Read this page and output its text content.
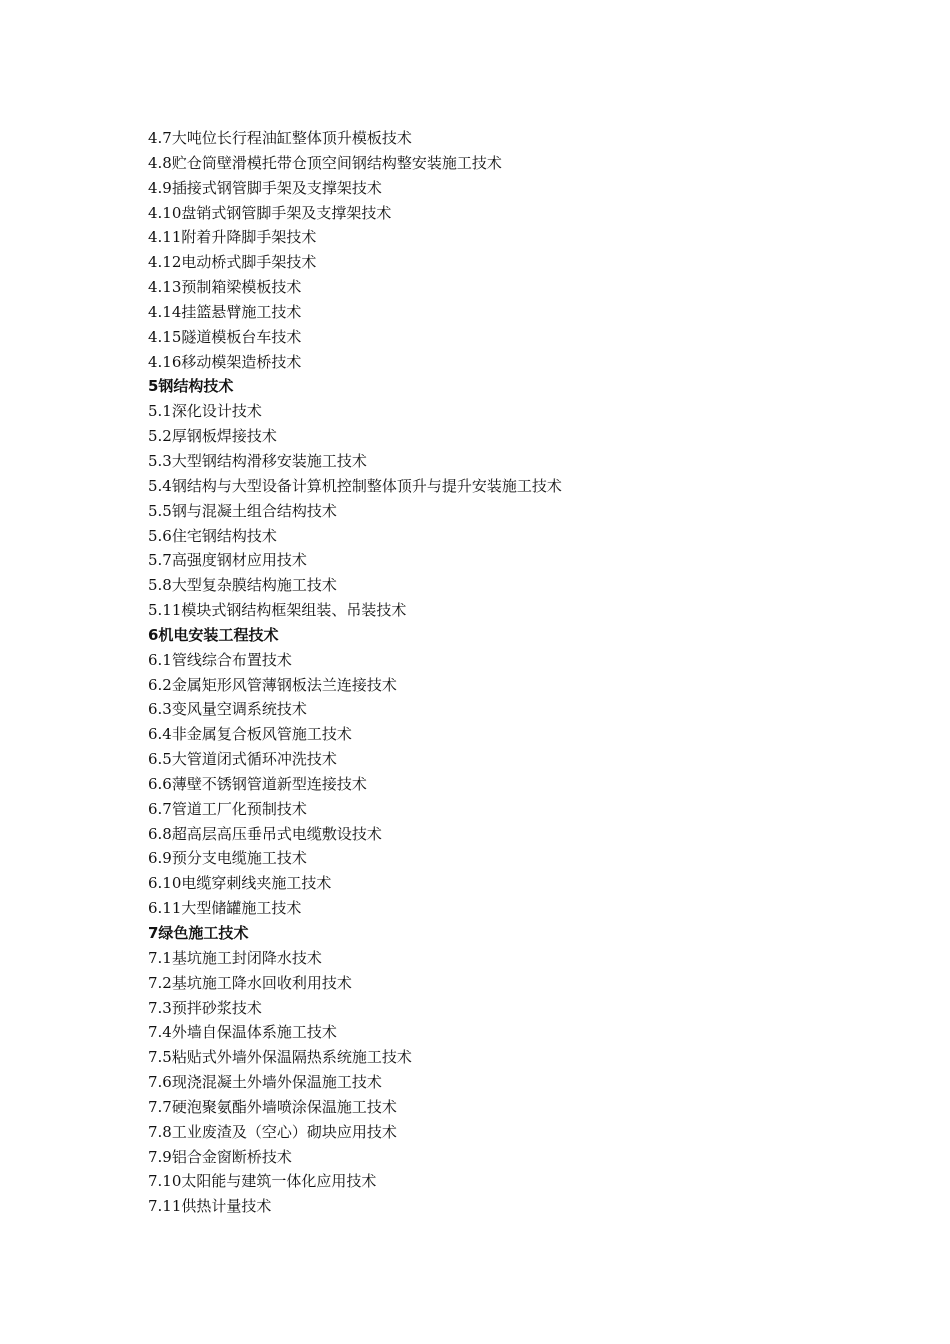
4.7大吨位长行程油缸整体顶升模板技术
4.8贮仓筒壁滑模托带仓顶空间钢结构整安装施工技术
4.9插接式钢管脚手架及支撑架技术
4.10盘销式钢管脚手架及支撑架技术
4.11附着升降脚手架技术
4.12电动桥式脚手架技术
4.13预制箱梁模板技术
4.14挂篮悬臂施工技术
4.15隧道模板台车技术
4.16移动模架造桥技术
5钢结构技术
5.1深化设计技术
5.2厚钢板焊接技术
5.3大型钢结构滑移安装施工技术
5.4钢结构与大型设备计算机控制整体顶升与提升安装施工技术
5.5钢与混凝土组合结构技术
5.6住宅钢结构技术
5.7高强度钢材应用技术
5.8大型复杂膜结构施工技术
5.11模块式钢结构框架组装、吊装技术
6机电安装工程技术
6.1管线综合布置技术
6.2金属矩形风管薄钢板法兰连接技术
6.3变风量空调系统技术
6.4非金属复合板风管施工技术
6.5大管道闭式循环冲洗技术
6.6薄壁不锈钢管道新型连接技术
6.7管道工厂化预制技术
6.8超高层高压垂吊式电缆敷设技术
6.9预分支电缆施工技术
6.10电缆穿刺线夹施工技术
6.11大型储罐施工技术
7绿色施工技术
7.1基坑施工封闭降水技术
7.2基坑施工降水回收利用技术
7.3预拌砂浆技术
7.4外墙自保温体系施工技术
7.5粘贴式外墙外保温隔热系统施工技术
7.6现浇混凝土外墙外保温施工技术
7.7硬泡聚氨酯外墙喷涂保温施工技术
7.8工业废渣及（空心）砌块应用技术
7.9铝合金窗断桥技术
7.10太阳能与建筑一体化应用技术
7.11供热计量技术
